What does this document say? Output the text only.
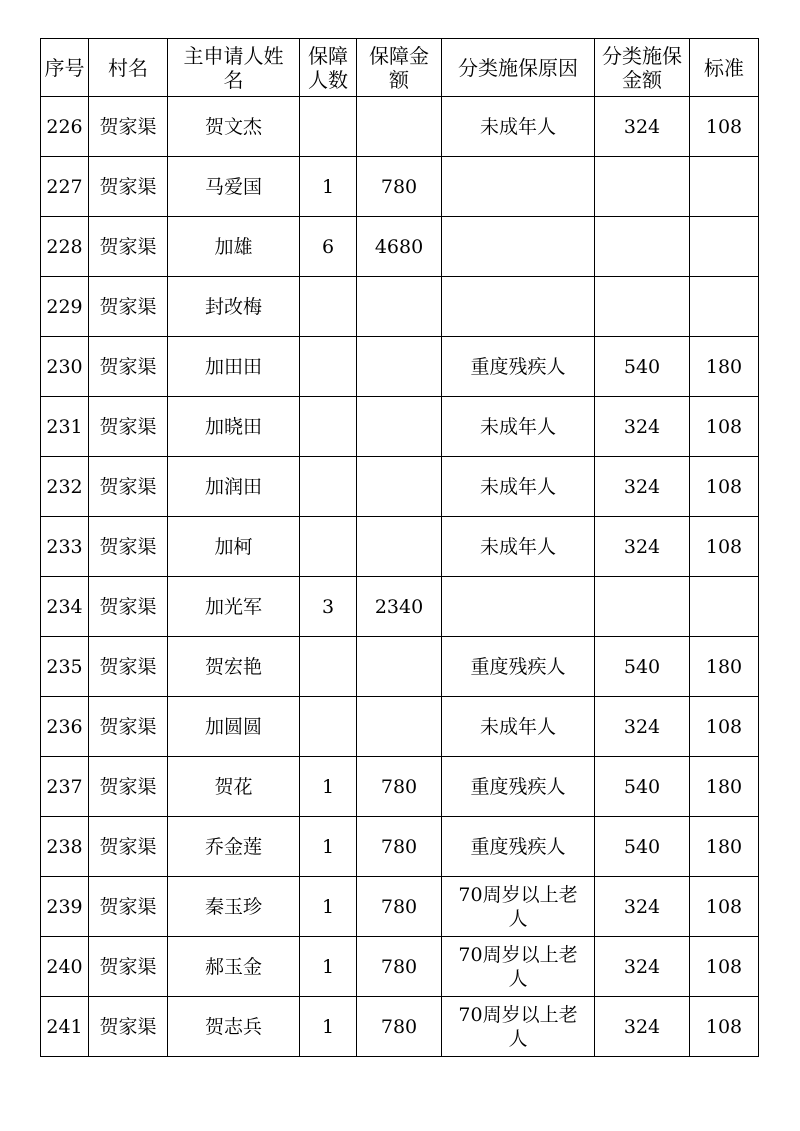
序号	村名	主申请人姓名	保障人数	保障金额	分类施保原因	分类施保金额	标准
226	贺家渠	贺文杰			未成年人	324	108
227	贺家渠	马爱国	1	780			
228	贺家渠	加雄	6	4680			
229	贺家渠	封改梅					
230	贺家渠	加田田			重度残疾人	540	180
231	贺家渠	加晓田			未成年人	324	108
232	贺家渠	加润田			未成年人	324	108
233	贺家渠	加柯			未成年人	324	108
234	贺家渠	加光军	3	2340			
235	贺家渠	贺宏艳			重度残疾人	540	180
236	贺家渠	加圆圆			未成年人	324	108
237	贺家渠	贺花	1	780	重度残疾人	540	180
238	贺家渠	乔金莲	1	780	重度残疾人	540	180
239	贺家渠	秦玉珍	1	780	70周岁以上老人	324	108
240	贺家渠	郝玉金	1	780	70周岁以上老人	324	108
241	贺家渠	贺志兵	1	780	70周岁以上老人	324	108
